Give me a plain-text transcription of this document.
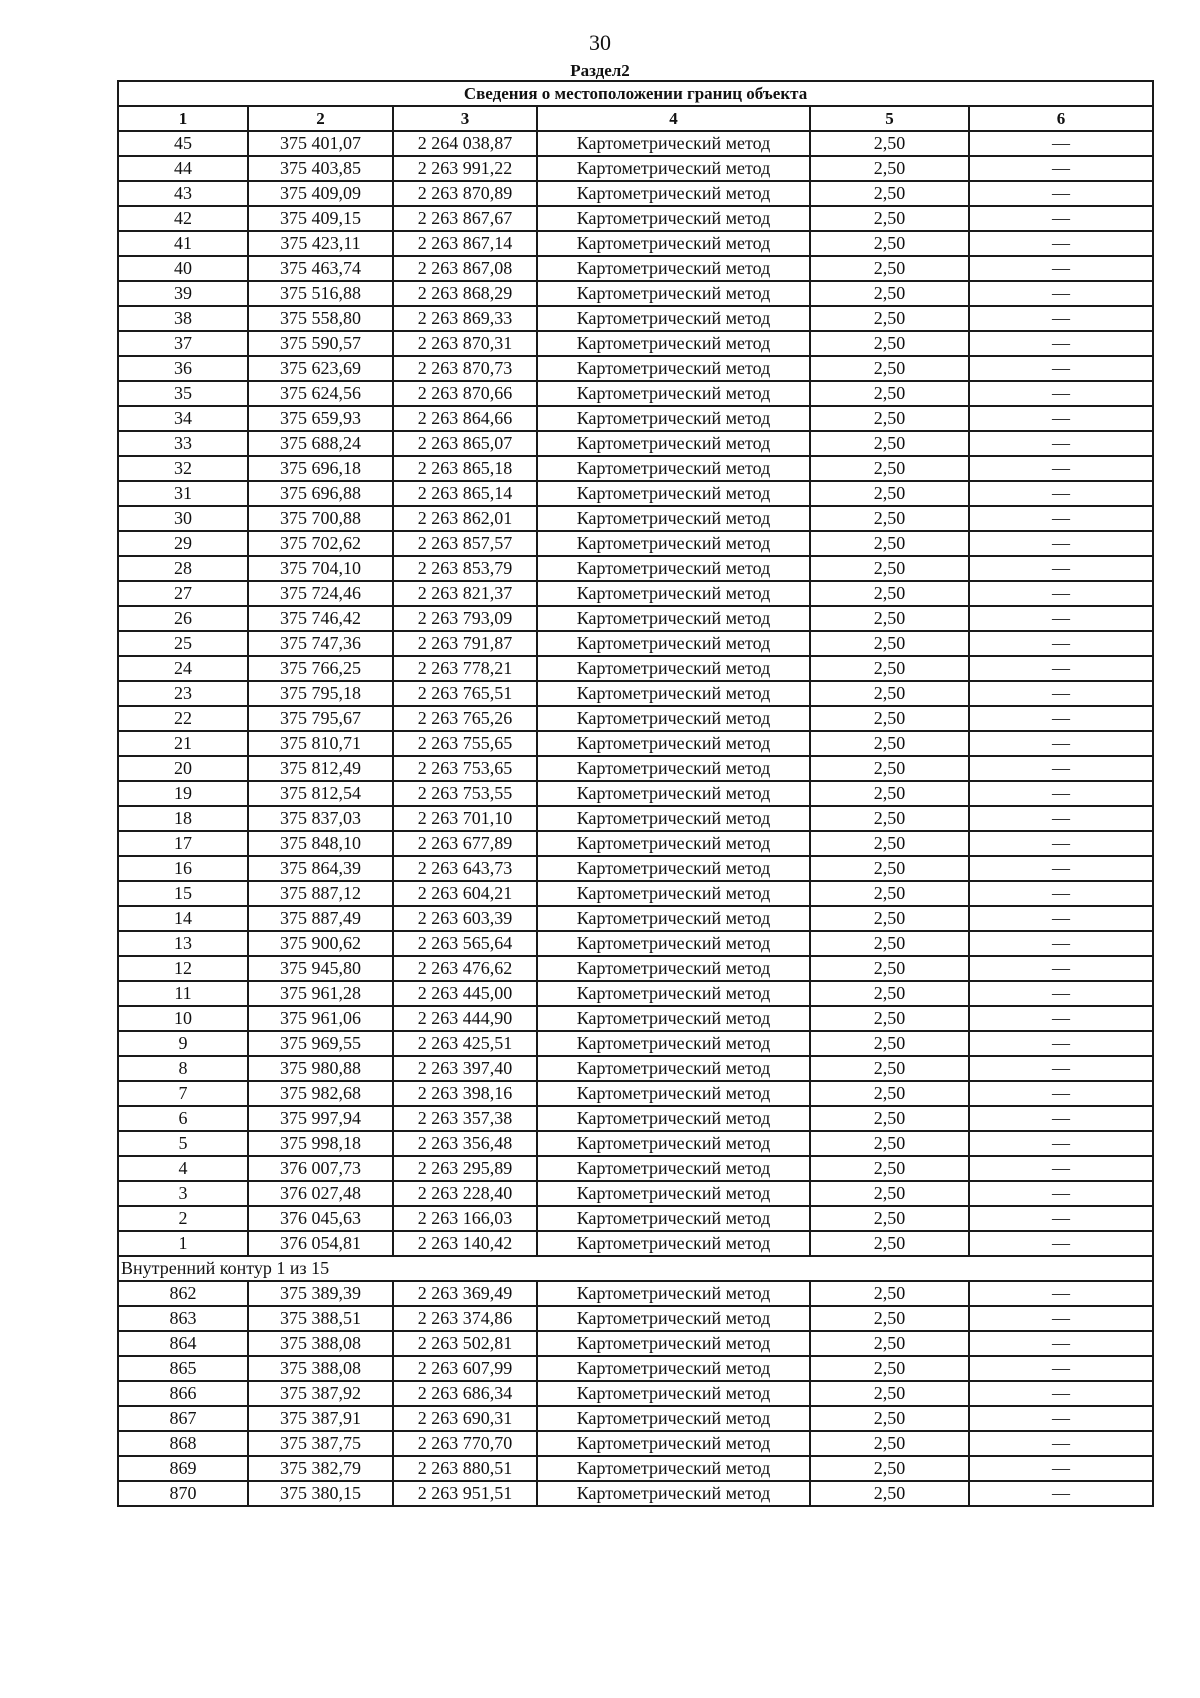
30
Раздел2
Сведения о местоположении границ объекта					
1	2	3	4	5	6
45	375 401,07	2 264 038,87	Картометрический метод	2,50	—
44	375 403,85	2 263 991,22	Картометрический метод	2,50	—
43	375 409,09	2 263 870,89	Картометрический метод	2,50	—
42	375 409,15	2 263 867,67	Картометрический метод	2,50	—
41	375 423,11	2 263 867,14	Картометрический метод	2,50	—
40	375 463,74	2 263 867,08	Картометрический метод	2,50	—
39	375 516,88	2 263 868,29	Картометрический метод	2,50	—
38	375 558,80	2 263 869,33	Картометрический метод	2,50	—
37	375 590,57	2 263 870,31	Картометрический метод	2,50	—
36	375 623,69	2 263 870,73	Картометрический метод	2,50	—
35	375 624,56	2 263 870,66	Картометрический метод	2,50	—
34	375 659,93	2 263 864,66	Картометрический метод	2,50	—
33	375 688,24	2 263 865,07	Картометрический метод	2,50	—
32	375 696,18	2 263 865,18	Картометрический метод	2,50	—
31	375 696,88	2 263 865,14	Картометрический метод	2,50	—
30	375 700,88	2 263 862,01	Картометрический метод	2,50	—
29	375 702,62	2 263 857,57	Картометрический метод	2,50	—
28	375 704,10	2 263 853,79	Картометрический метод	2,50	—
27	375 724,46	2 263 821,37	Картометрический метод	2,50	—
26	375 746,42	2 263 793,09	Картометрический метод	2,50	—
25	375 747,36	2 263 791,87	Картометрический метод	2,50	—
24	375 766,25	2 263 778,21	Картометрический метод	2,50	—
23	375 795,18	2 263 765,51	Картометрический метод	2,50	—
22	375 795,67	2 263 765,26	Картометрический метод	2,50	—
21	375 810,71	2 263 755,65	Картометрический метод	2,50	—
20	375 812,49	2 263 753,65	Картометрический метод	2,50	—
19	375 812,54	2 263 753,55	Картометрический метод	2,50	—
18	375 837,03	2 263 701,10	Картометрический метод	2,50	—
17	375 848,10	2 263 677,89	Картометрический метод	2,50	—
16	375 864,39	2 263 643,73	Картометрический метод	2,50	—
15	375 887,12	2 263 604,21	Картометрический метод	2,50	—
14	375 887,49	2 263 603,39	Картометрический метод	2,50	—
13	375 900,62	2 263 565,64	Картометрический метод	2,50	—
12	375 945,80	2 263 476,62	Картометрический метод	2,50	—
11	375 961,28	2 263 445,00	Картометрический метод	2,50	—
10	375 961,06	2 263 444,90	Картометрический метод	2,50	—
9	375 969,55	2 263 425,51	Картометрический метод	2,50	—
8	375 980,88	2 263 397,40	Картометрический метод	2,50	—
7	375 982,68	2 263 398,16	Картометрический метод	2,50	—
6	375 997,94	2 263 357,38	Картометрический метод	2,50	—
5	375 998,18	2 263 356,48	Картометрический метод	2,50	—
4	376 007,73	2 263 295,89	Картометрический метод	2,50	—
3	376 027,48	2 263 228,40	Картометрический метод	2,50	—
2	376 045,63	2 263 166,03	Картометрический метод	2,50	—
1	376 054,81	2 263 140,42	Картометрический метод	2,50	—
Внутренний контур 1 из 15					
862	375 389,39	2 263 369,49	Картометрический метод	2,50	—
863	375 388,51	2 263 374,86	Картометрический метод	2,50	—
864	375 388,08	2 263 502,81	Картометрический метод	2,50	—
865	375 388,08	2 263 607,99	Картометрический метод	2,50	—
866	375 387,92	2 263 686,34	Картометрический метод	2,50	—
867	375 387,91	2 263 690,31	Картометрический метод	2,50	—
868	375 387,75	2 263 770,70	Картометрический метод	2,50	—
869	375 382,79	2 263 880,51	Картометрический метод	2,50	—
870	375 380,15	2 263 951,51	Картометрический метод	2,50	—
